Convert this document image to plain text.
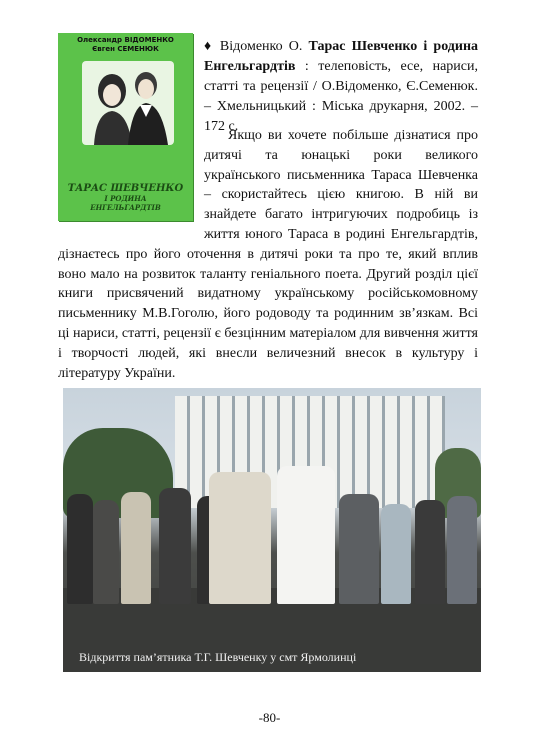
Олександр ВІДОМЕНКО
Євген СЕМЕНЮК
ТАРАС ШЕВЧЕНКО
І РОДИНА
ЕНГЕЛЬГАРДТІВ
♦ Відоменко О. Тарас Шевченко і родина Енгельгардтів : телеповість, есе, нариси, статті та рецензії / О.Відоменко, Є.Семенюк. – Хмельницький : Міська друкарня, 2002. – 172 с.
Якщо ви хочете побільше дізнатися про дитячі та юнацькі роки великого українського письменника Тараса Шевченка – скористайтесь цією книгою. В ній ви знайдете багато інтригуючих подробиць із життя юного Тараса в родині Енгельгардтів, дізнаєтесь про його оточення в дитячі роки та про те, який вплив воно мало на розвиток таланту геніального поета. Другий розділ цієї книги присвячений видатному українському російськомовному письменнику М.В.Гоголю, його родоводу та родинним зв’язкам. Всі ці нариси, статті, рецензії є безцінним матеріалом для вивчення життя і творчості людей, які внесли величезний внесок в культуру і літературу України.
Відкриття пам’ятника Т.Г. Шевченку у смт Ярмолинці
-80-
